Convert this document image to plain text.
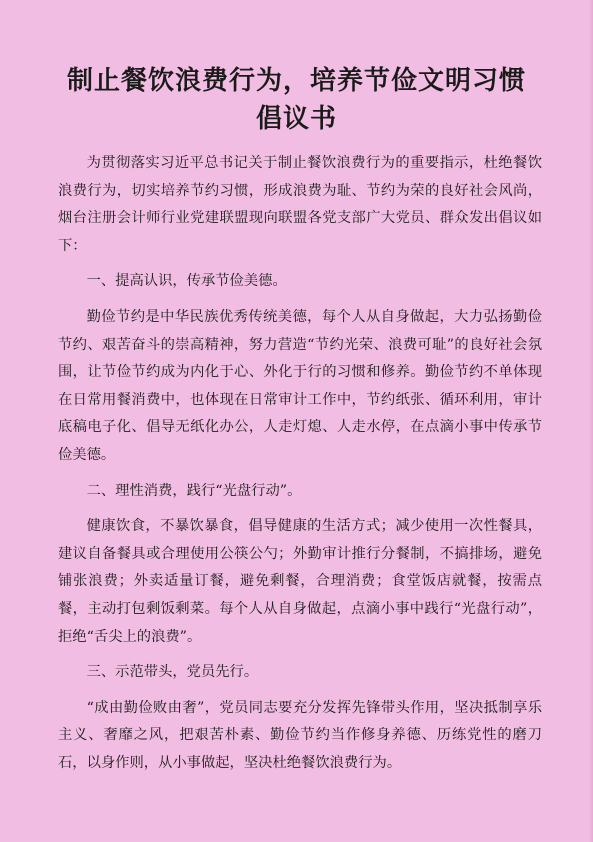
制止餐饮浪费行为，培养节俭文明习惯
倡议书

为贯彻落实习近平总书记关于制止餐饮浪费行为的重要指示，杜绝餐饮浪费行为，切实培养节约习惯，形成浪费为耻、节约为荣的良好社会风尚，烟台注册会计师行业党建联盟现向联盟各党支部广大党员、群众发出倡议如下：

一、提高认识，传承节俭美德。

勤俭节约是中华民族优秀传统美德，每个人从自身做起，大力弘扬勤俭节约、艰苦奋斗的崇高精神，努力营造“节约光荣、浪费可耻”的良好社会氛围，让节俭节约成为内化于心、外化于行的习惯和修养。勤俭节约不单体现在日常用餐消费中，也体现在日常审计工作中，节约纸张、循环利用，审计底稿电子化、倡导无纸化办公，人走灯熄、人走水停，在点滴小事中传承节俭美德。

二、理性消费，践行“光盘行动”。

健康饮食，不暴饮暴食，倡导健康的生活方式；减少使用一次性餐具，建议自备餐具或合理使用公筷公勺；外勤审计推行分餐制，不搞排场，避免铺张浪费；外卖适量订餐，避免剩餐，合理消费；食堂饭店就餐，按需点餐，主动打包剩饭剩菜。每个人从自身做起，点滴小事中践行“光盘行动”，拒绝“舌尖上的浪费”。

三、示范带头，党员先行。

“成由勤俭败由奢”，党员同志要充分发挥先锋带头作用，坚决抵制享乐主义、奢靡之风，把艰苦朴素、勤俭节约当作修身养德、历练党性的磨刀石，以身作则，从小事做起，坚决杜绝餐饮浪费行为。
